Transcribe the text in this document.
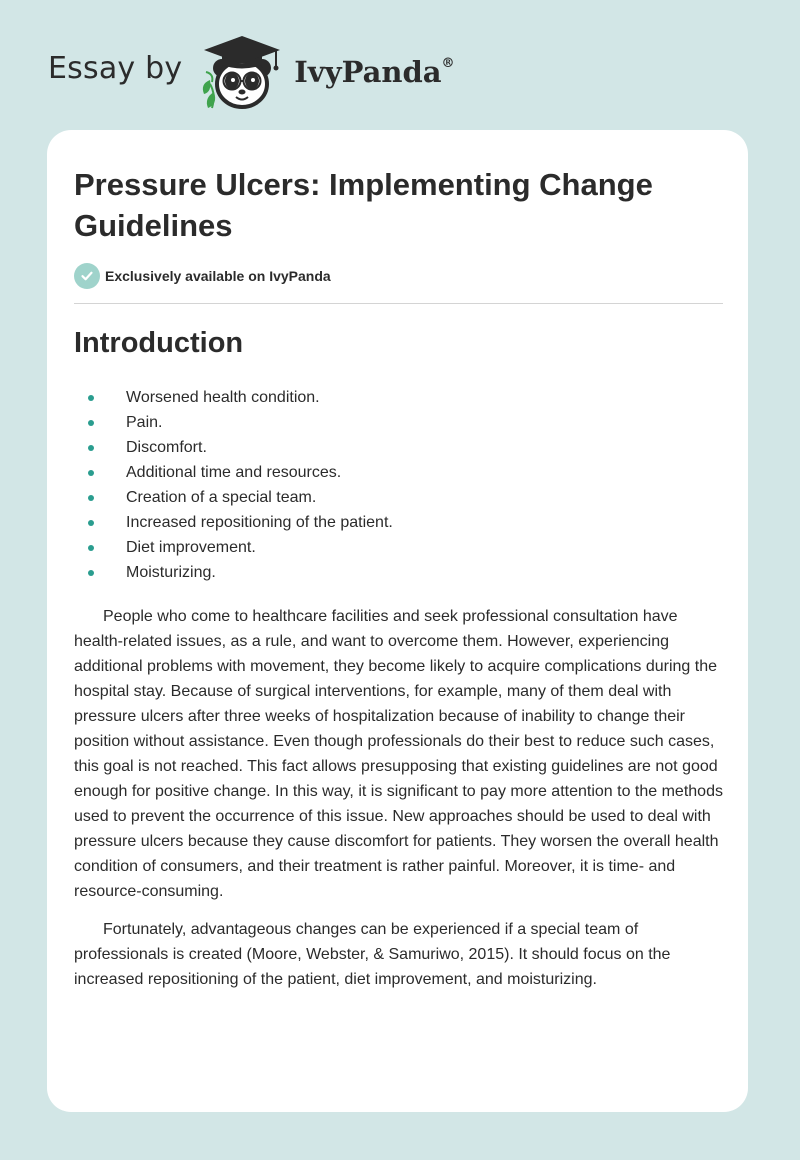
Essay by	IvyPanda®
Pressure Ulcers: Implementing Change Guidelines
Exclusively available on IvyPanda
Introduction
Worsened health condition.
Pain.
Discomfort.
Additional time and resources.
Creation of a special team.
Increased repositioning of the patient.
Diet improvement.
Moisturizing.

People who come to healthcare facilities and seek professional consultation have health-related issues, as a rule, and want to overcome them. However, experiencing additional problems with movement, they become likely to acquire complications during the hospital stay. Because of surgical interventions, for example, many of them deal with pressure ulcers after three weeks of hospitalization because of inability to change their position without assistance. Even though professionals do their best to reduce such cases, this goal is not reached. This fact allows presupposing that existing guidelines are not good enough for positive change. In this way, it is significant to pay more attention to the methods used to prevent the occurrence of this issue. New approaches should be used to deal with pressure ulcers because they cause discomfort for patients. They worsen the overall health condition of consumers, and their treatment is rather painful. Moreover, it is time- and resource-consuming.

Fortunately, advantageous changes can be experienced if a special team of professionals is created (Moore, Webster, & Samuriwo, 2015). It should focus on the increased repositioning of the patient, diet improvement, and moisturizing.
